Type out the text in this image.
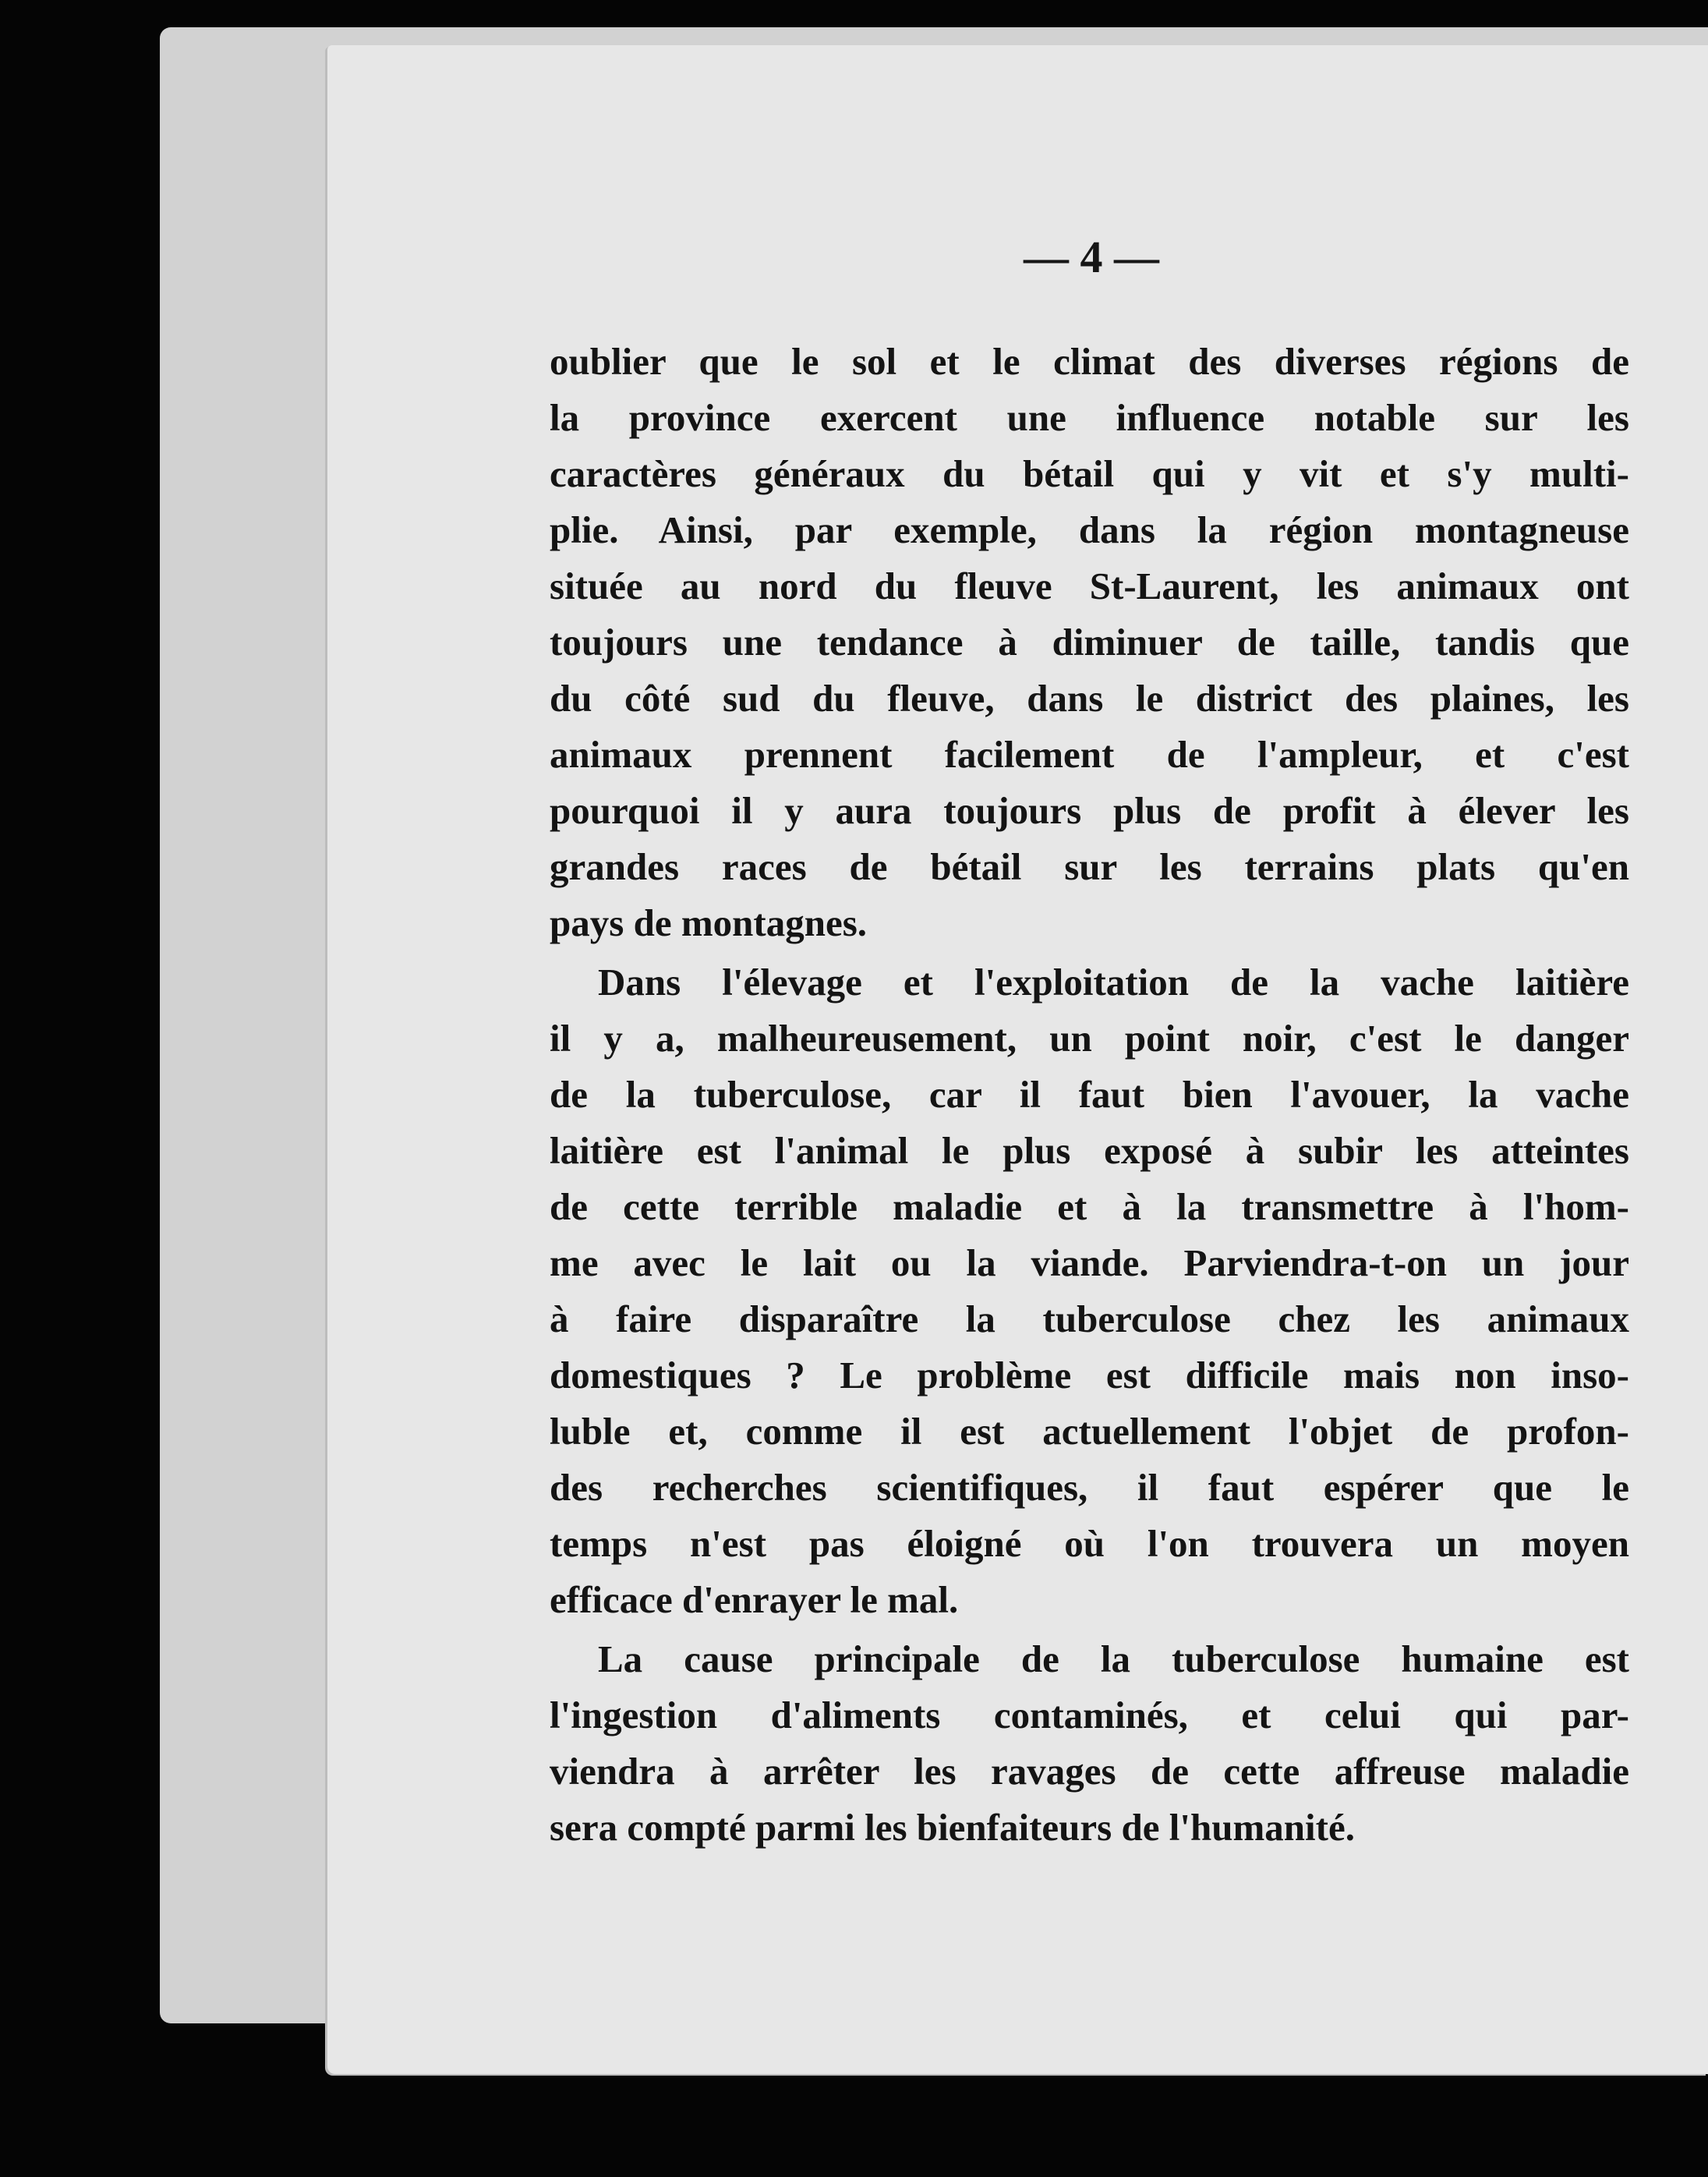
— 4 —
oublier que le sol et le climat des diverses régions de
la province exercent une influence notable sur les
caractères généraux du bétail qui y vit et s'y multi-
plie. Ainsi, par exemple, dans la région montagneuse
située au nord du fleuve St-Laurent, les animaux ont
toujours une tendance à diminuer de taille, tandis que
du côté sud du fleuve, dans le district des plaines, les
animaux prennent facilement de l'ampleur, et c'est
pourquoi il y aura toujours plus de profit à élever les
grandes races de bétail sur les terrains plats qu'en
pays de montagnes.
Dans l'élevage et l'exploitation de la vache laitière
il y a, malheureusement, un point noir, c'est le danger
de la tuberculose, car il faut bien l'avouer, la vache
laitière est l'animal le plus exposé à subir les atteintes
de cette terrible maladie et à la transmettre à l'hom-
me avec le lait ou la viande. Parviendra-t-on un jour
à faire disparaître la tuberculose chez les animaux
domestiques ? Le problème est difficile mais non inso-
luble et, comme il est actuellement l'objet de profon-
des recherches scientifiques, il faut espérer que le
temps n'est pas éloigné où l'on trouvera un moyen
efficace d'enrayer le mal.
La cause principale de la tuberculose humaine est
l'ingestion d'aliments contaminés, et celui qui par-
viendra à arrêter les ravages de cette affreuse maladie
sera compté parmi les bienfaiteurs de l'humanité.
